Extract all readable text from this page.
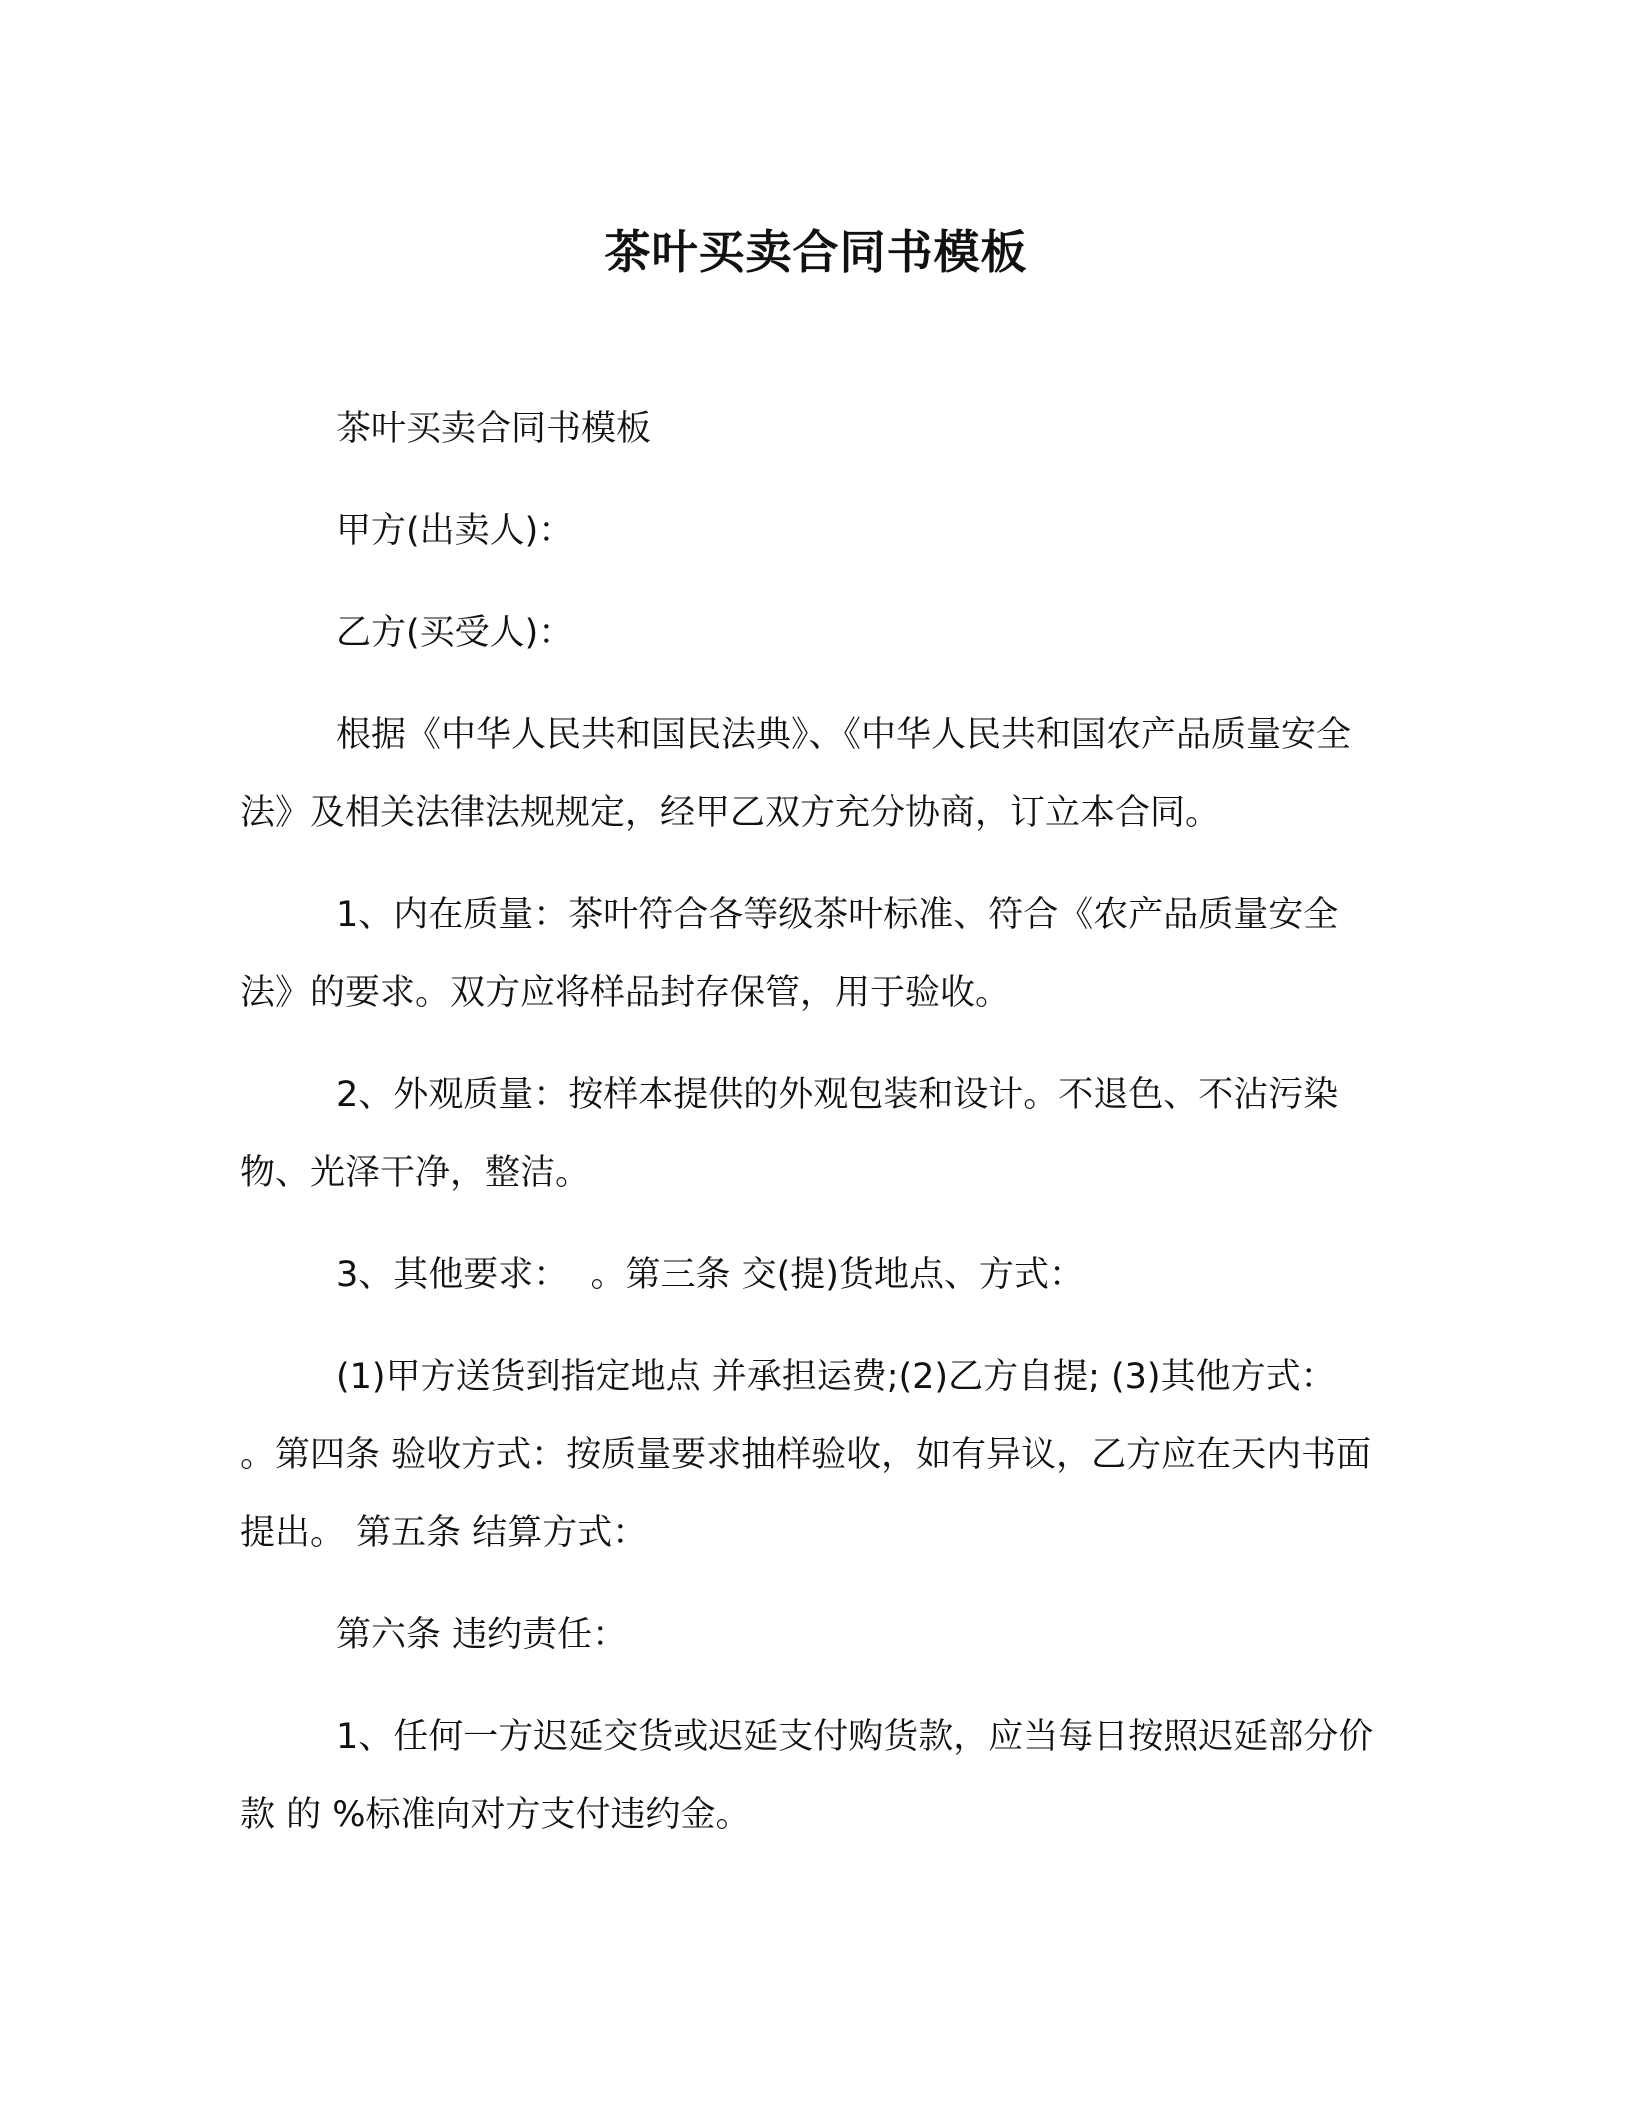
茶叶买卖合同书模板

茶叶买卖合同书模板

甲方(出卖人)：

乙方(买受人)：

根据《中华人民共和国民法典》、《中华人民共和国农产品质量安全法》及相关法律法规规定，经甲乙双方充分协商，订立本合同。

1、内在质量：茶叶符合各等级茶叶标准、符合《农产品质量安全法》的要求。双方应将样品封存保管，用于验收。

2、外观质量：按样本提供的外观包装和设计。不退色、不沾污染物、光泽干净，整洁。

3、其他要求：  。第三条 交(提)货地点、方式：

(1)甲方送货到指定地点 并承担运费;(2)乙方自提; (3)其他方式：  。第四条 验收方式：按质量要求抽样验收，如有异议，乙方应在天内书面提出。 第五条 结算方式：

第六条 违约责任：

1、任何一方迟延交货或迟延支付购货款，应当每日按照迟延部分价款 的 %标准向对方支付违约金。
